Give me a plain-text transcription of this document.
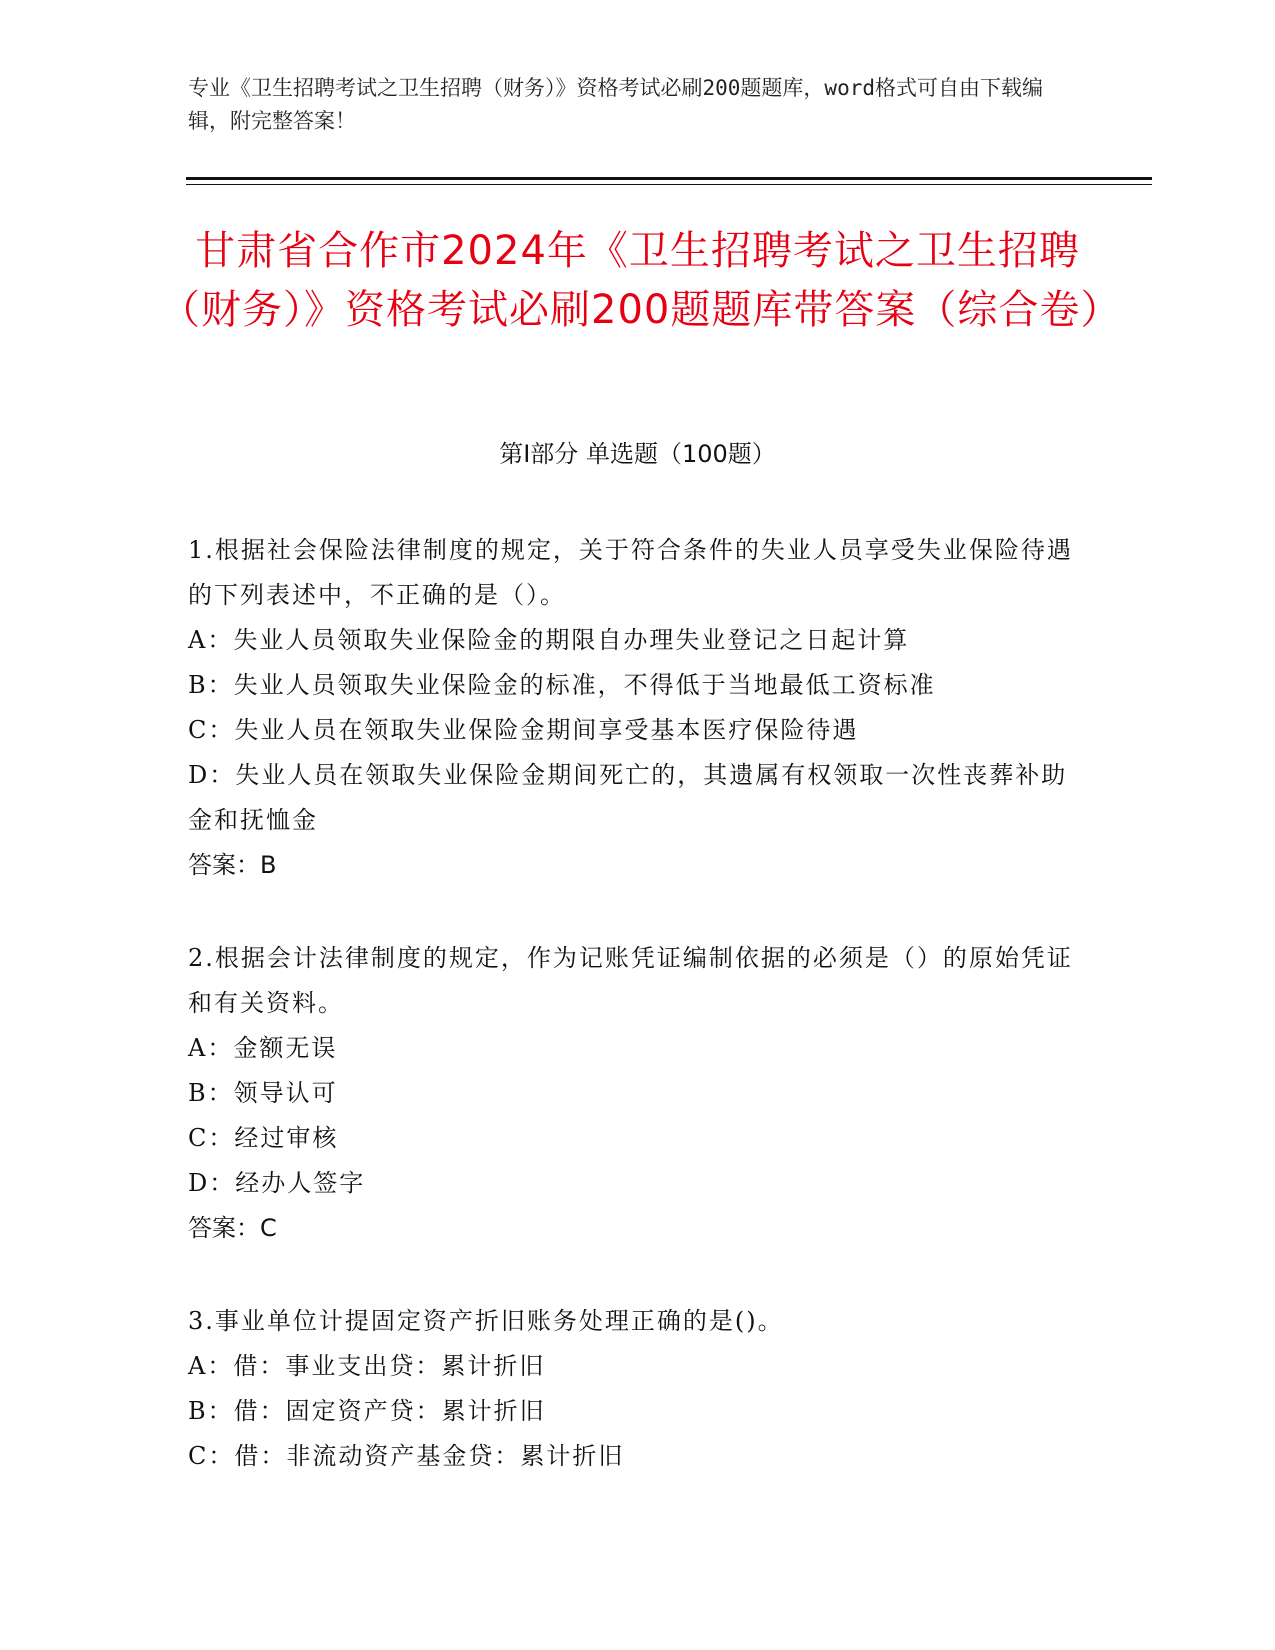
专业《卫生招聘考试之卫生招聘（财务）》资格考试必刷200题题库，word格式可自由下载编辑，附完整答案！
甘肃省合作市2024年《卫生招聘考试之卫生招聘（财务）》资格考试必刷200题题库带答案（综合卷）
第Ⅰ部分 单选题（100题）
1.根据社会保险法律制度的规定，关于符合条件的失业人员享受失业保险待遇的下列表述中，不正确的是（）。
A：失业人员领取失业保险金的期限自办理失业登记之日起计算
B：失业人员领取失业保险金的标准，不得低于当地最低工资标准
C：失业人员在领取失业保险金期间享受基本医疗保险待遇
D：失业人员在领取失业保险金期间死亡的，其遗属有权领取一次性丧葬补助金和抚恤金
答案：B
2.根据会计法律制度的规定，作为记账凭证编制依据的必须是（）的原始凭证和有关资料。
A：金额无误
B：领导认可
C：经过审核
D：经办人签字
答案：C
3.事业单位计提固定资产折旧账务处理正确的是()。
A：借：事业支出贷：累计折旧
B：借：固定资产贷：累计折旧
C：借：非流动资产基金贷：累计折旧
